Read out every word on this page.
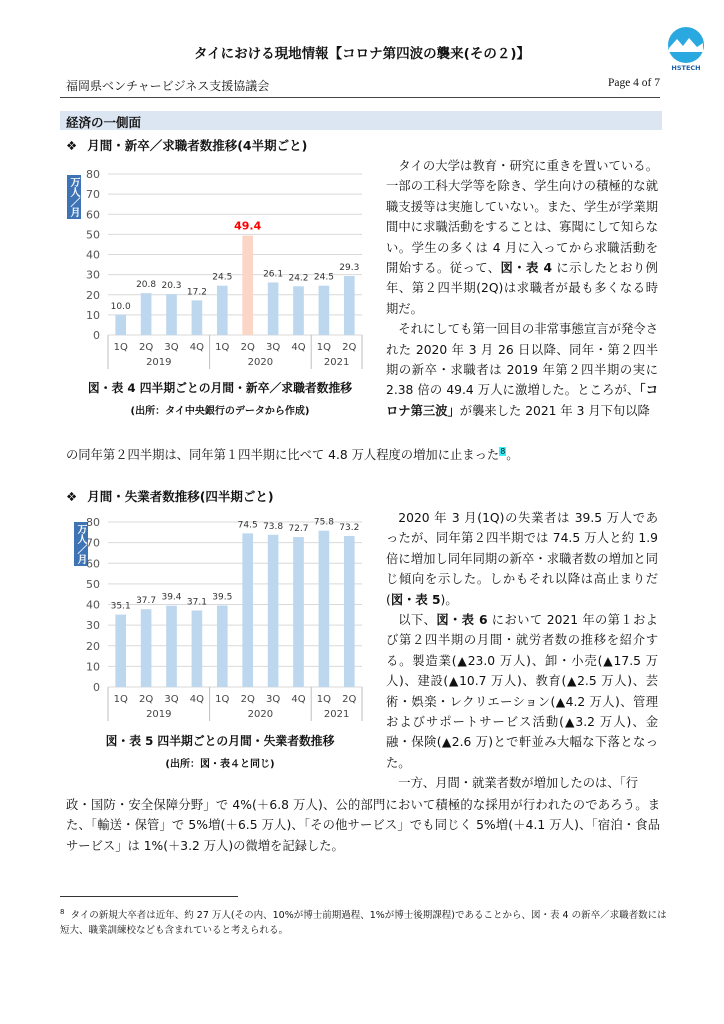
タイにおける現地情報【コロナ第四波の襲来(その２)】
HSTECH
福岡県ベンチャービジネス支援協議会	Page 4 of 7
経済の一側面
❖ 月間・新卒／求職者数推移(4半期ごと)
万人／月
0
10
20
30
40
50
60
70
80
10.0
1Q
20.8
2Q
20.3
3Q
17.2
4Q
24.5
1Q
49.4
2Q
26.1
3Q
24.2
4Q
24.5
1Q
29.3
2Q
2019	2020	2021
図・表 4 四半期ごとの月間・新卒／求職者数推移
(出所：タイ中央銀行のデータから作成)

タイの大学は教育・研究に重きを置いている。一部の工科大学等を除き、学生向けの積極的な就職支援等は実施していない。また、学生が学業期間中に求職活動をすることは、寡聞にして知らない。学生の多くは 4 月に入ってから求職活動を開始する。従って、図・表 4 に示したとおり例年、第２四半期(2Q)は求職者が最も多くなる時期だ。

それにしても第一回目の非常事態宣言が発令された 2020 年 3 月 26 日以降、同年・第２四半期の新卒・求職者は 2019 年第２四半期の実に 2.38 倍の 49.4 万人に激増した。ところが、「コロナ第三波」が襲来した 2021 年 3 月下旬以降

の同年第２四半期は、同年第１四半期に比べて 4.8 万人程度の増加に止まった$^8$。
❖ 月間・失業者数推移(四半期ごと)
万人／月
0
10
20
30
40
50
60
70
80
35.1
1Q
37.7
2Q
39.4
3Q
37.1
4Q
39.5
1Q
74.5
2Q
73.8
3Q
72.7
4Q
75.8
1Q
73.2
2Q
2019	2020	2021
図・表 5 四半期ごとの月間・失業者数推移
(出所：図・表４と同じ)

2020 年 3 月(1Q)の失業者は 39.5 万人であったが、同年第２四半期では 74.5 万人と約 1.9 倍に増加し同年同期の新卒・求職者数の増加と同じ傾向を示した。しかもそれ以降は高止まりだ(図・表 5)。

以下、図・表 6 において 2021 年の第１および第２四半期の月間・就労者数の推移を紹介する。製造業(▲23.0 万人)、卸・小売(▲17.5 万人)、建設(▲10.7 万人)、教育(▲2.5 万人)、芸術・娯楽・レクリエーション(▲4.2 万人)、管理およびサポートサービス活動(▲3.2 万人)、金融・保険(▲2.6 万)とで軒並み大幅な下落となった。

一方、月間・就業者数が増加したのは、「行

政・国防・安全保障分野」で 4%(＋6.8 万人)、公的部門において積極的な採用が行われたのであろう。また、「輸送・保管」で 5%増(＋6.5 万人)、「その他サービス」でも同じく 5%増(＋4.1 万人)、「宿泊・食品サービス」は 1%(＋3.2 万人)の微増を記録した。
$^8$ タイの新規大卒者は近年、約 27 万人(その内、10%が博士前期過程、1%が博士後期課程)であることから、図・表 4 の新卒／求職者数には短大、職業訓練校なども含まれていると考えられる。
